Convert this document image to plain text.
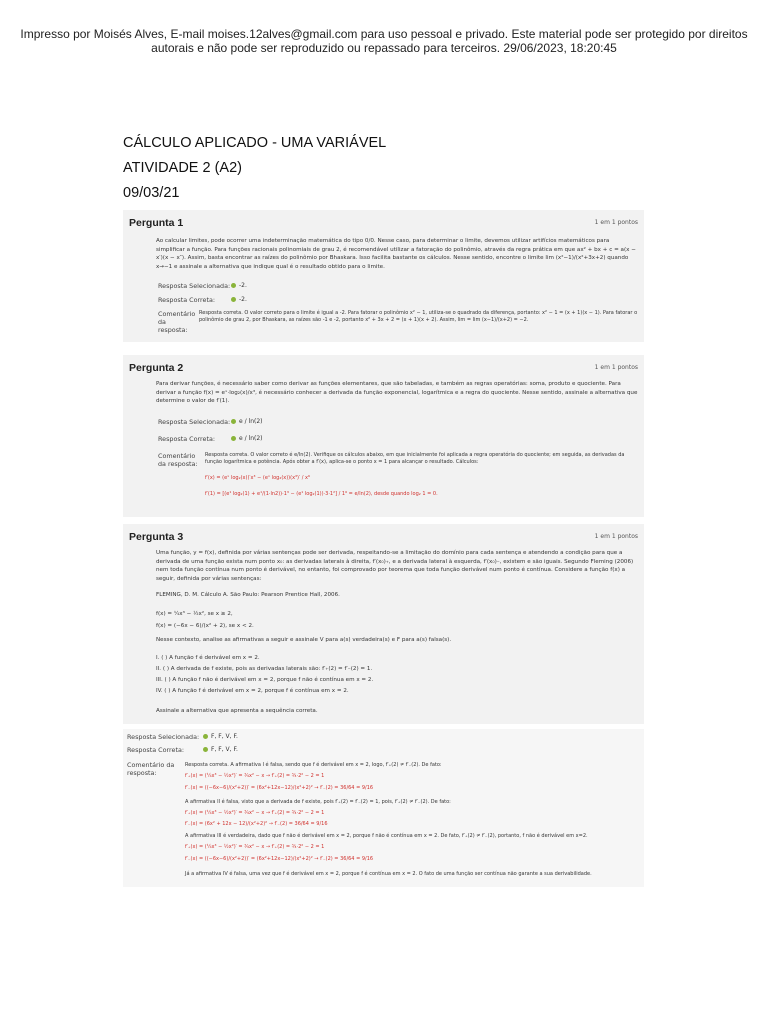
Impresso por Moisés Alves, E-mail moises.12alves@gmail.com para uso pessoal e privado. Este material pode ser protegido por direitos
autorais e não pode ser reproduzido ou repassado para terceiros. 29/06/2023, 18:20:45
CÁLCULO APLICADO - UMA VARIÁVEL
ATIVIDADE 2 (A2)
09/03/21
Pergunta 1	1 em 1 pontos
Ao calcular limites, pode ocorrer uma indeterminação matemática do tipo 0/0. Nesse caso, para determinar o limite, devemos utilizar artifícios matemáticos para simplificar a função. Para funções racionais polinomiais de grau 2, é recomendável utilizar a fatoração do polinômio, através da regra prática em que ax² + bx + c = a(x − x′)(x − x″). Assim, basta encontrar as raízes do polinômio por Bhaskara. Isso facilita bastante os cálculos. Nesse sentido, encontre o limite lim (x²−1)/(x²+3x+2) quando x→−1 e assinale a alternativa que indique qual é o resultado obtido para o limite.
Resposta Selecionada:	-2.
Resposta Correta:	-2.
Comentário da resposta:
Resposta correta. O valor correto para o limite é igual a -2. Para fatorar o polinômio x² − 1, utiliza-se o quadrado da diferença, portanto: x² − 1 = (x + 1)(x − 1). Para fatorar o polinômio de grau 2, por Bhaskara, as raízes são -1 e -2, portanto x² + 3x + 2 = (x + 1)(x + 2). Assim, lim = lim (x−1)/(x+2) = −2.
Pergunta 2	1 em 1 pontos
Para derivar funções, é necessário saber como derivar as funções elementares, que são tabeladas, e também as regras operatórias: soma, produto e quociente. Para derivar a função f(x) = eˣ·log₂(x)/x³, é necessário conhecer a derivada da função exponencial, logarítmica e a regra do quociente. Nesse sentido, assinale a alternativa que determine o valor de f′(1).
Resposta Selecionada:	e / ln(2)
Resposta Correta:	e / ln(2)
Comentário da resposta:
Resposta correta. O valor correto é e/ln(2). Verifique os cálculos abaixo, em que inicialmente foi aplicada a regra operatória do quociente; em seguida, as derivadas da função logarítmica e potência. Após obter a f′(x), aplica-se o ponto x = 1 para alcançar o resultado. Cálculos:
f′(x) = (eˣ log₂(x))′x³ − (eˣ log₂(x))(x³)′ / x⁶
f′(1) = [(e¹ log₂(1) + e¹/(1·ln2))·1³ − (e¹ log₂(1))·3·1²] / 1⁶ = e/ln(2), desde quando log₂ 1 = 0.
Pergunta 3	1 em 1 pontos
Uma função, y = f(x), definida por várias sentenças pode ser derivada, respeitando-se a limitação do domínio para cada sentença e atendendo a condição para que a derivada de uma função exista num ponto x₀: as derivadas laterais à direita, f′(x₀)₊, e a derivada lateral à esquerda, f′(x₀)₋, existem e são iguais. Segundo Fleming (2006) nem toda função contínua num ponto é derivável, no entanto, foi comprovado por teorema que toda função derivável num ponto é contínua. Considere a função f(x) a seguir, definida por várias sentenças:
FLEMING, D. M. Cálculo A. São Paulo: Pearson Prentice Hall, 2006.
f(x) = ¼x³ − ½x², se x ≥ 2,
f(x) = (−6x − 6)/(x² + 2), se x < 2.
Nesse contexto, analise as afirmativas a seguir e assinale V para a(s) verdadeira(s) e F para a(s) falsa(s).
I. ( ) A função f é derivável em x = 2.
II. ( ) A derivada de f existe, pois as derivadas laterais são: f′₊(2) = f′₋(2) = 1.
III. ( ) A função f não é derivável em x = 2, porque f não é contínua em x = 2.
IV. ( ) A função f é derivável em x = 2, porque f é contínua em x = 2.
Assinale a alternativa que apresenta a sequência correta.
Resposta Selecionada:	F, F, V, F.
Resposta Correta:	F, F, V, F.
Comentário da resposta:
Resposta correta. A afirmativa I é falsa, sendo que f é derivável em x = 2, logo, f′₊(2) ≠ f′₋(2). De fato:
f′₊(x) = (¼x³ − ½x²)′ = ¾x² − x → f′₊(2) = ¾·2² − 2 = 1
f′₋(x) = ((−6x−6)/(x²+2))′ = (6x²+12x−12)/(x²+2)² → f′₋(2) = 36/64 = 9/16
A afirmativa II é falsa, visto que a derivada de f existe, pois f′₊(2) = f′₋(2) = 1, pois, f′₊(2) ≠ f′₋(2). De fato:
f′₊(x) = (¼x³ − ½x²)′ = ¾x² − x → f′₊(2) = ¾·2² − 2 = 1
f′₋(x) = (6x² + 12x − 12)/(x²+2)² → f′₋(2) = 36/64 = 9/16
A afirmativa III é verdadeira, dado que f não é derivável em x = 2, porque f não é contínua em x = 2. De fato, f′₊(2) ≠ f′₋(2), portanto, f não é derivável em x=2.
f′₊(x) = (¼x³ − ½x²)′ = ¾x² − x → f′₊(2) = ¾·2² − 2 = 1
f′₋(x) = ((−6x−6)/(x²+2))′ = (6x²+12x−12)/(x²+2)² → f′₋(2) = 36/64 = 9/16
Já a afirmativa IV é falsa, uma vez que f é derivável em x = 2, porque f é contínua em x = 2. O fato de uma função ser contínua não garante a sua derivabilidade.
